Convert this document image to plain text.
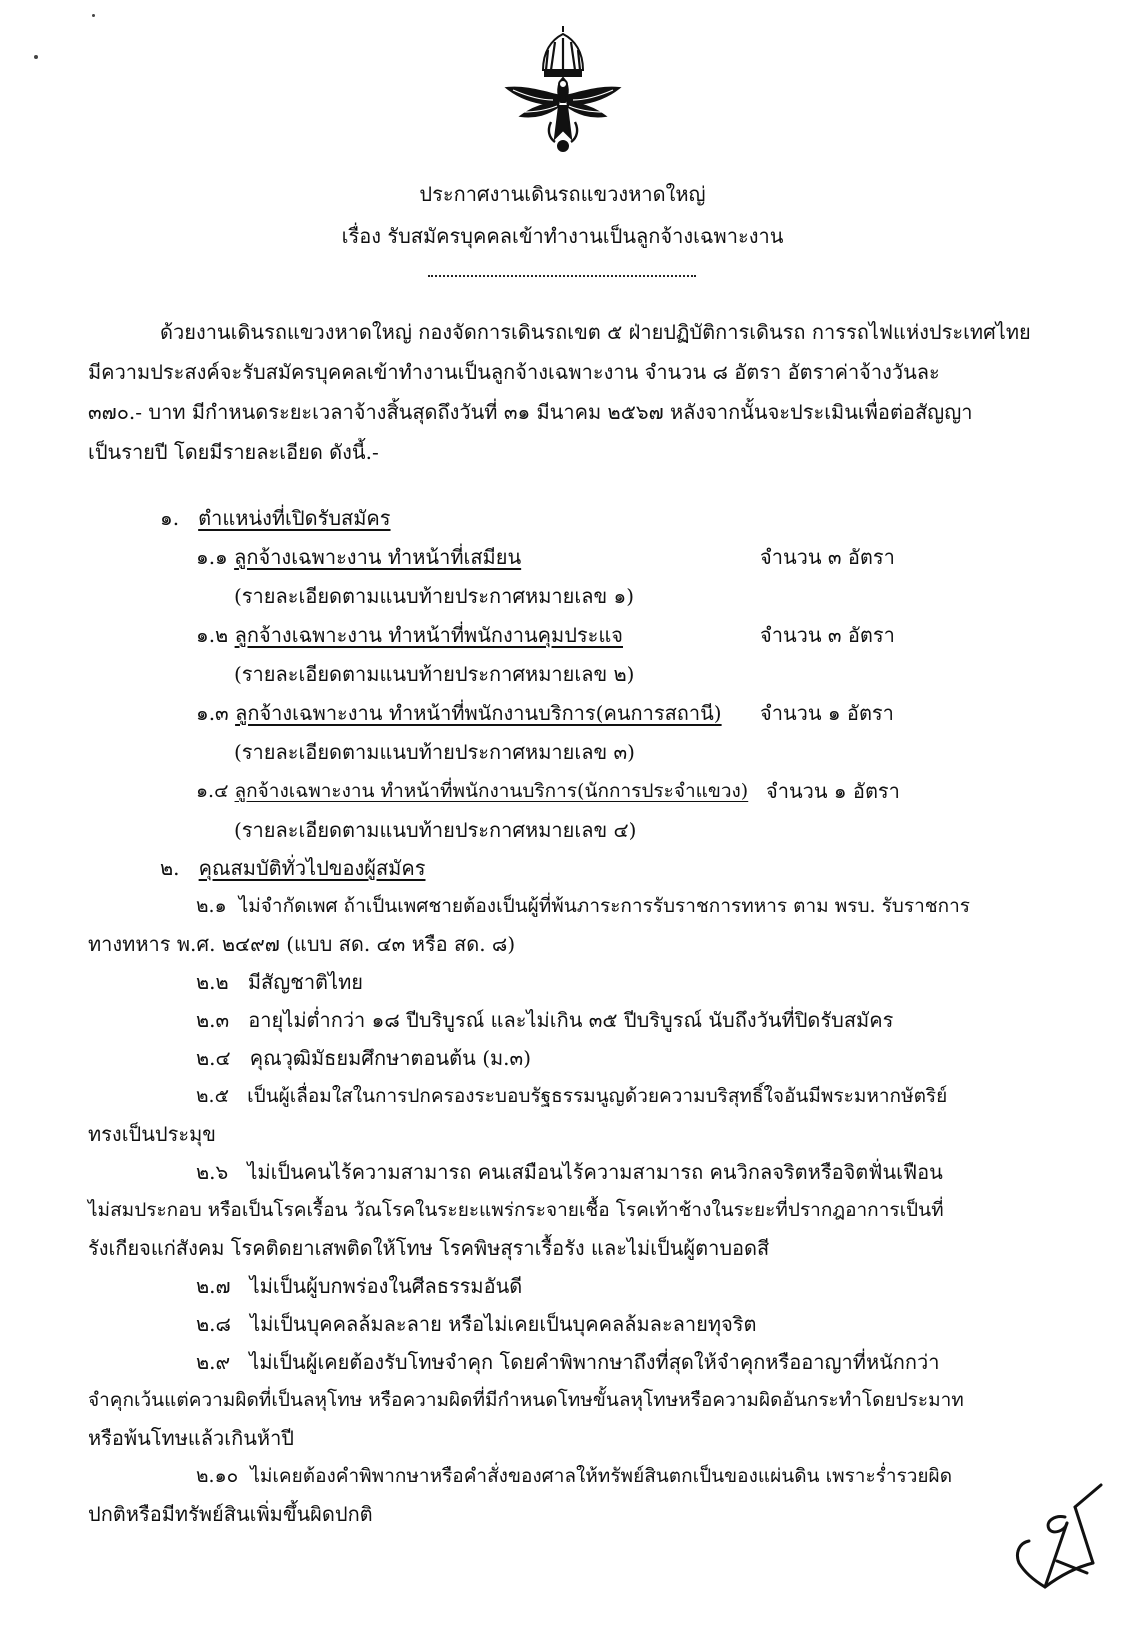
ประกาศงานเดินรถแขวงหาดใหญ่
เรื่อง รับสมัครบุคคลเข้าทำงานเป็นลูกจ้างเฉพาะงาน
ด้วยงานเดินรถแขวงหาดใหญ่ กองจัดการเดินรถเขต ๕ ฝ่ายปฏิบัติการเดินรถ การรถไฟแห่งประเทศไทย
มีความประสงค์จะรับสมัครบุคคลเข้าทำงานเป็นลูกจ้างเฉพาะงาน จำนวน ๘ อัตรา อัตราค่าจ้างวันละ
๓๗๐.- บาท มีกำหนดระยะเวลาจ้างสิ้นสุดถึงวันที่ ๓๑ มีนาคม ๒๕๖๗ หลังจากนั้นจะประเมินเพื่อต่อสัญญา
เป็นรายปี โดยมีรายละเอียด ดังนี้.-
๑. ตำแหน่งที่เปิดรับสมัคร
๑.๑ ลูกจ้างเฉพาะงาน ทำหน้าที่เสมียน	จำนวน ๓ อัตรา
(รายละเอียดตามแนบท้ายประกาศหมายเลข ๑)
๑.๒ ลูกจ้างเฉพาะงาน ทำหน้าที่พนักงานคุมประแจ	จำนวน ๓ อัตรา
(รายละเอียดตามแนบท้ายประกาศหมายเลข ๒)
๑.๓ ลูกจ้างเฉพาะงาน ทำหน้าที่พนักงานบริการ(คนการสถานี) จำนวน ๑ อัตรา
(รายละเอียดตามแนบท้ายประกาศหมายเลข ๓)
๑.๔ ลูกจ้างเฉพาะงาน ทำหน้าที่พนักงานบริการ(นักการประจำแขวง) จำนวน ๑ อัตรา
(รายละเอียดตามแนบท้ายประกาศหมายเลข ๔)
๒. คุณสมบัติทั่วไปของผู้สมัคร
๒.๑ ไม่จำกัดเพศ ถ้าเป็นเพศชายต้องเป็นผู้ที่พ้นภาระการรับราชการทหาร ตาม พรบ. รับราชการ
ทางทหาร พ.ศ. ๒๔๙๗ (แบบ สด. ๔๓ หรือ สด. ๘)
๒.๒ มีสัญชาติไทย
๒.๓ อายุไม่ต่ำกว่า ๑๘ ปีบริบูรณ์ และไม่เกิน ๓๕ ปีบริบูรณ์ นับถึงวันที่ปิดรับสมัคร
๒.๔ คุณวุฒิมัธยมศึกษาตอนต้น (ม.๓)
๒.๕ เป็นผู้เลื่อมใสในการปกครองระบอบรัฐธรรมนูญด้วยความบริสุทธิ์ใจอันมีพระมหากษัตริย์
ทรงเป็นประมุข
๒.๖ ไม่เป็นคนไร้ความสามารถ คนเสมือนไร้ความสามารถ คนวิกลจริตหรือจิตฟั่นเฟือน
ไม่สมประกอบ หรือเป็นโรคเรื้อน วัณโรคในระยะแพร่กระจายเชื้อ โรคเท้าช้างในระยะที่ปรากฎอาการเป็นที่
รังเกียจแก่สังคม โรคติดยาเสพติดให้โทษ โรคพิษสุราเรื้อรัง และไม่เป็นผู้ตาบอดสี
๒.๗ ไม่เป็นผู้บกพร่องในศีลธรรมอันดี
๒.๘ ไม่เป็นบุคคลล้มละลาย หรือไม่เคยเป็นบุคคลล้มละลายทุจริต
๒.๙ ไม่เป็นผู้เคยต้องรับโทษจำคุก โดยคำพิพากษาถึงที่สุดให้จำคุกหรืออาญาที่หนักกว่า
จำคุกเว้นแต่ความผิดที่เป็นลหุโทษ หรือความผิดที่มีกำหนดโทษขั้นลหุโทษหรือความผิดอันกระทำโดยประมาท
หรือพ้นโทษแล้วเกินห้าปี
๒.๑๐ ไม่เคยต้องคำพิพากษาหรือคำสั่งของศาลให้ทรัพย์สินตกเป็นของแผ่นดิน เพราะร่ำรวยผิด
ปกติหรือมีทรัพย์สินเพิ่มขึ้นผิดปกติ
